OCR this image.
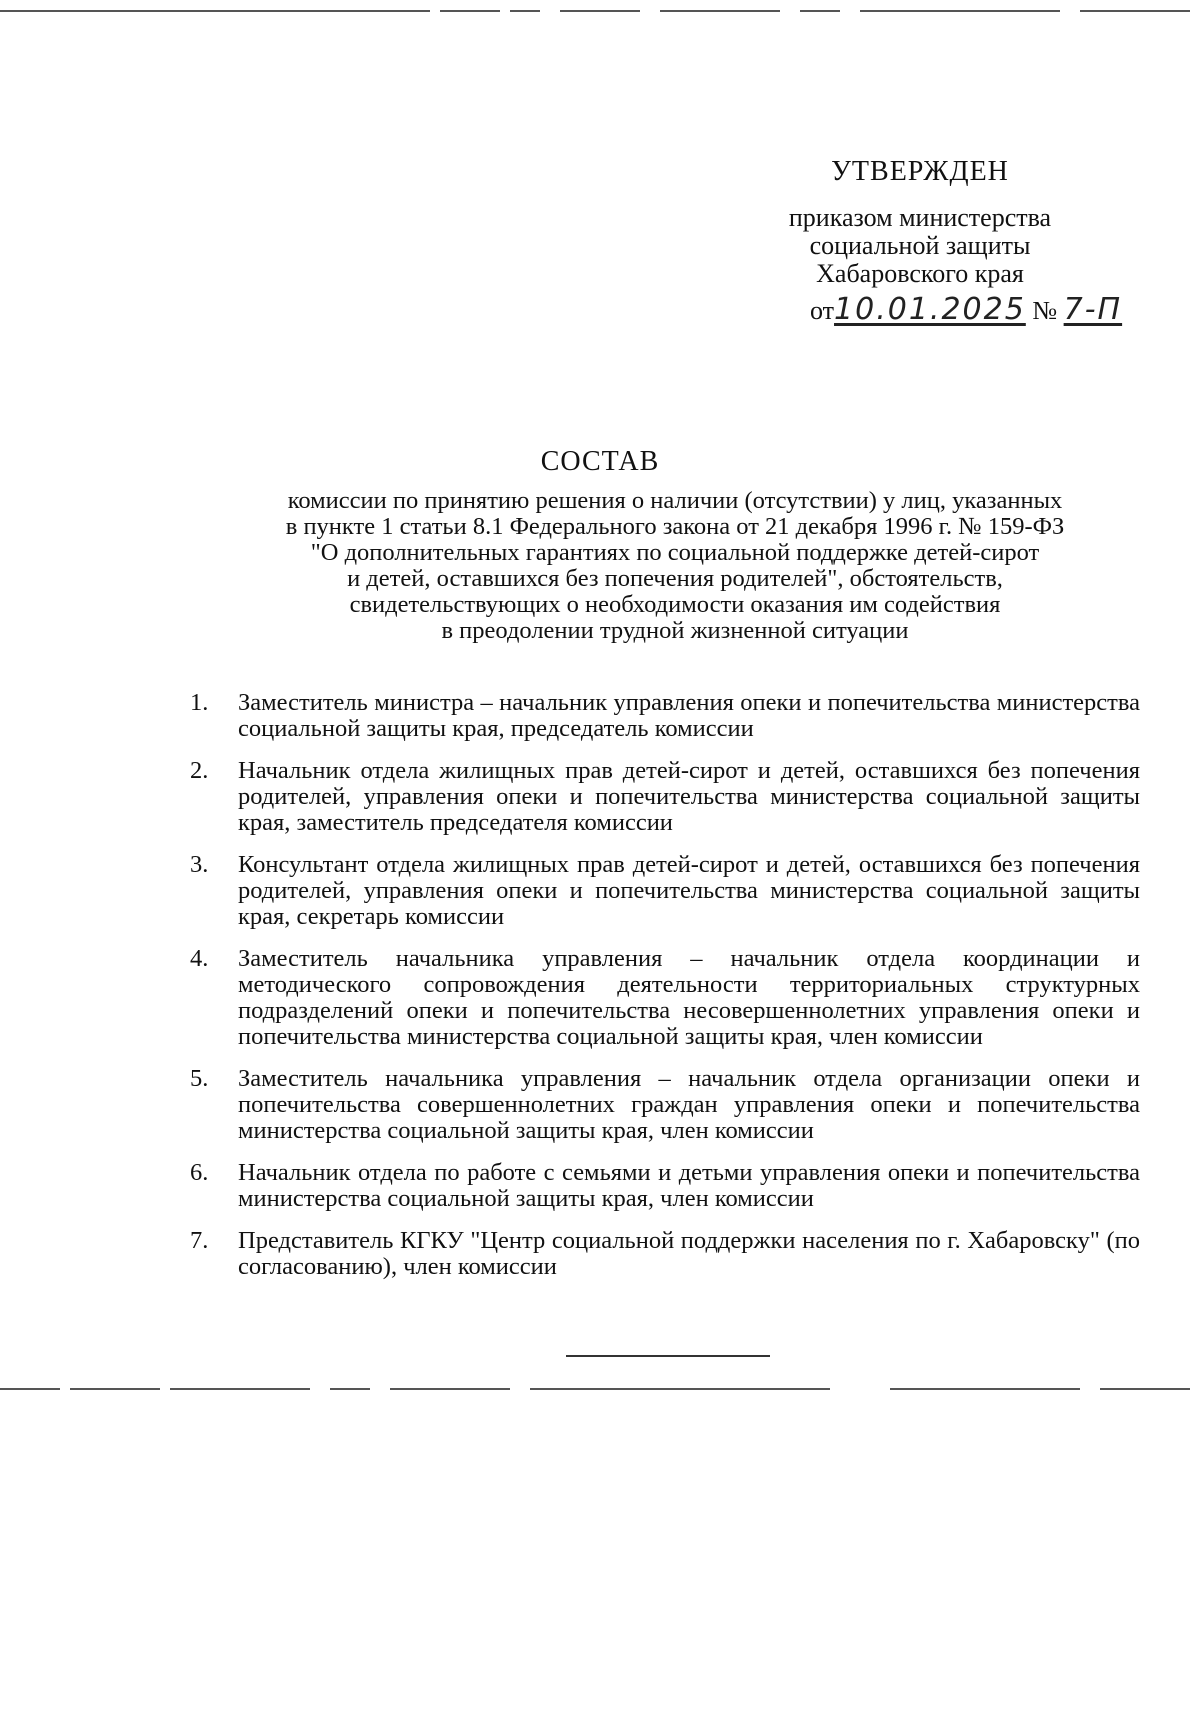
УТВЕРЖДЕН
приказом министерства
социальной защиты
Хабаровского края
от10.01.2025 № 7-П
СОСТАВ
комиссии по принятию решения о наличии (отсутствии) у лиц, указанных
в пункте 1 статьи 8.1 Федерального закона от 21 декабря 1996 г. № 159-ФЗ
"О дополнительных гарантиях по социальной поддержке детей-сирот
и детей, оставшихся без попечения родителей", обстоятельств,
свидетельствующих о необходимости оказания им содействия
в преодолении трудной жизненной ситуации
1. Заместитель министра – начальник управления опеки и попечительства министерства социальной защиты края, председатель комиссии
2. Начальник отдела жилищных прав детей-сирот и детей, оставшихся без попечения родителей, управления опеки и попечительства министерства социальной защиты края, заместитель председателя комиссии
3. Консультант отдела жилищных прав детей-сирот и детей, оставшихся без попечения родителей, управления опеки и попечительства министерства социальной защиты края, секретарь комиссии
4. Заместитель начальника управления – начальник отдела координации и методического сопровождения деятельности территориальных структурных подразделений опеки и попечительства несовершеннолетних управления опеки и попечительства министерства социальной защиты края, член комиссии
5. Заместитель начальника управления – начальник отдела организации опеки и попечительства совершеннолетних граждан управления опеки и попечительства министерства социальной защиты края, член комиссии
6. Начальник отдела по работе с семьями и детьми управления опеки и попечительства министерства социальной защиты края, член комиссии
7. Представитель КГКУ "Центр социальной поддержки населения по г. Хабаровску" (по согласованию), член комиссии
